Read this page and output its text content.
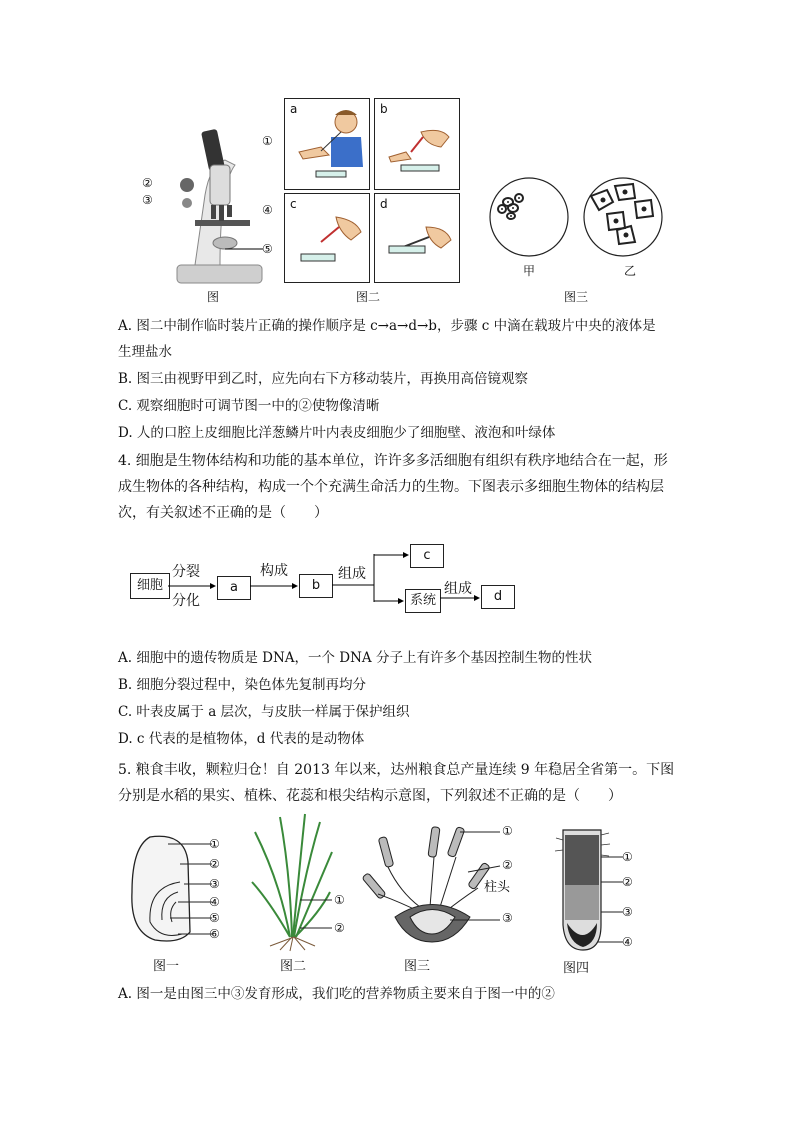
②
③
⑤
①
④
a	b
c	d
甲	乙
图	图二	图三
A. 图二中制作临时装片正确的操作顺序是 c→a→d→b，步骤 c 中滴在载玻片中央的液体是
生理盐水
B. 图三由视野甲到乙时，应先向右下方移动装片，再换用高倍镜观察
C. 观察细胞时可调节图一中的②使物像清晰
D. 人的口腔上皮细胞比洋葱鳞片叶内表皮细胞少了细胞壁、液泡和叶绿体
4. 细胞是生物体结构和功能的基本单位，许许多多活细胞有组织有秩序地结合在一起，形成生物体的各种结构，构成一个个充满生命活力的生物。下图表示多细胞生物体的结构层次，有关叙述不正确的是（　　）
细胞
分裂
分化
a
构成
b
组成
c
系统
组成	d
A. 细胞中的遗传物质是 DNA，一个 DNA 分子上有许多个基因控制生物的性状
B. 细胞分裂过程中，染色体先复制再均分
C. 叶表皮属于 a 层次，与皮肤一样属于保护组织
D. c 代表的是植物体，d 代表的是动物体
5. 粮食丰收，颗粒归仓！自 2013 年以来，达州粮食总产量连续 9 年稳居全省第一。下图分别是水稻的果实、植株、花蕊和根尖结构示意图，下列叙述不正确的是（　　）
①
②
③
④
⑤
⑥
①
②
①
②
柱头
③
①
②
③
④
图一	图二	图三	图四
A. 图一是由图三中③发育形成，我们吃的营养物质主要来自于图一中的②
